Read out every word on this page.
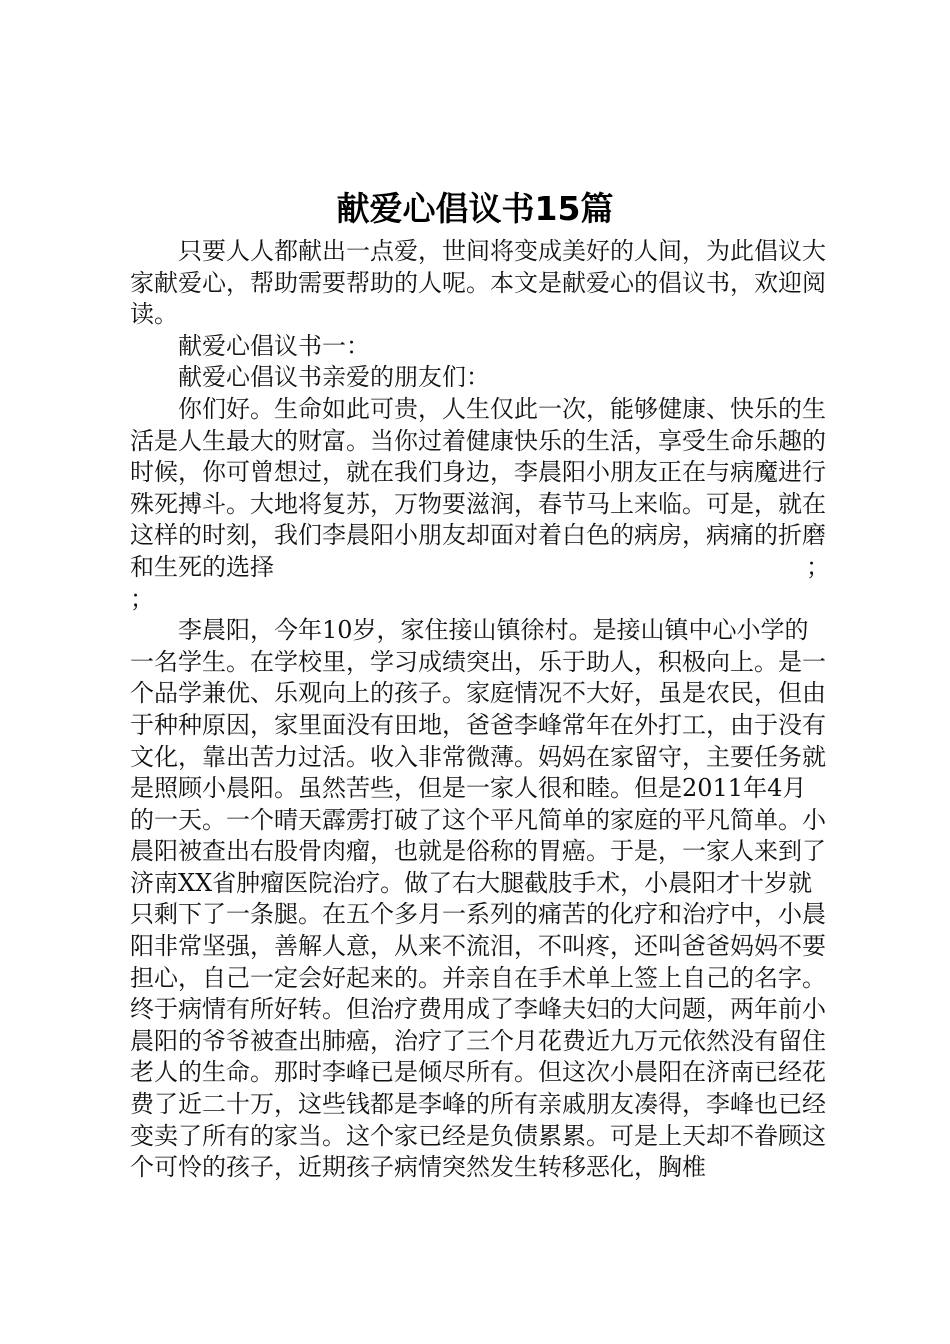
献爱心倡议书15篇

只要人人都献出一点爱，世间将变成美好的人间，为此倡议大家献爱心，帮助需要帮助的人呢。本文是献爱心的倡议书，欢迎阅读。

献爱心倡议书一：

献爱心倡议书亲爱的朋友们：

你们好。生命如此可贵，人生仅此一次，能够健康、快乐的生活是人生最大的财富。当你过着健康快乐的生活，享受生命乐趣的时候，你可曾想过，就在我们身边，李晨阳小朋友正在与病魔进行殊死搏斗。大地将复苏，万物要滋润，春节马上来临。可是，就在这样的时刻，我们李晨阳小朋友却面对着白色的病房，病痛的折磨和生死的选择	；

；

李晨阳，今年10岁，家住接山镇徐村。是接山镇中心小学的一名学生。在学校里，学习成绩突出，乐于助人，积极向上。是一个品学兼优、乐观向上的孩子。家庭情况不大好，虽是农民，但由于种种原因，家里面没有田地，爸爸李峰常年在外打工，由于没有文化，靠出苦力过活。收入非常微薄。妈妈在家留守，主要任务就是照顾小晨阳。虽然苦些，但是一家人很和睦。但是2011年4月的一天。一个晴天霹雳打破了这个平凡简单的家庭的平凡简单。小晨阳被查出右股骨肉瘤，也就是俗称的胃癌。于是，一家人来到了济南XX省肿瘤医院治疗。做了右大腿截肢手术，小晨阳才十岁就只剩下了一条腿。在五个多月一系列的痛苦的化疗和治疗中，小晨阳非常坚强，善解人意，从来不流泪，不叫疼，还叫爸爸妈妈不要担心，自己一定会好起来的。并亲自在手术单上签上自己的名字。终于病情有所好转。但治疗费用成了李峰夫妇的大问题，两年前小晨阳的爷爷被查出肺癌，治疗了三个月花费近九万元依然没有留住老人的生命。那时李峰已是倾尽所有。但这次小晨阳在济南已经花费了近二十万，这些钱都是李峰的所有亲戚朋友凑得，李峰也已经变卖了所有的家当。这个家已经是负债累累。可是上天却不眷顾这个可怜的孩子，近期孩子病情突然发生转移恶化，胸椎
